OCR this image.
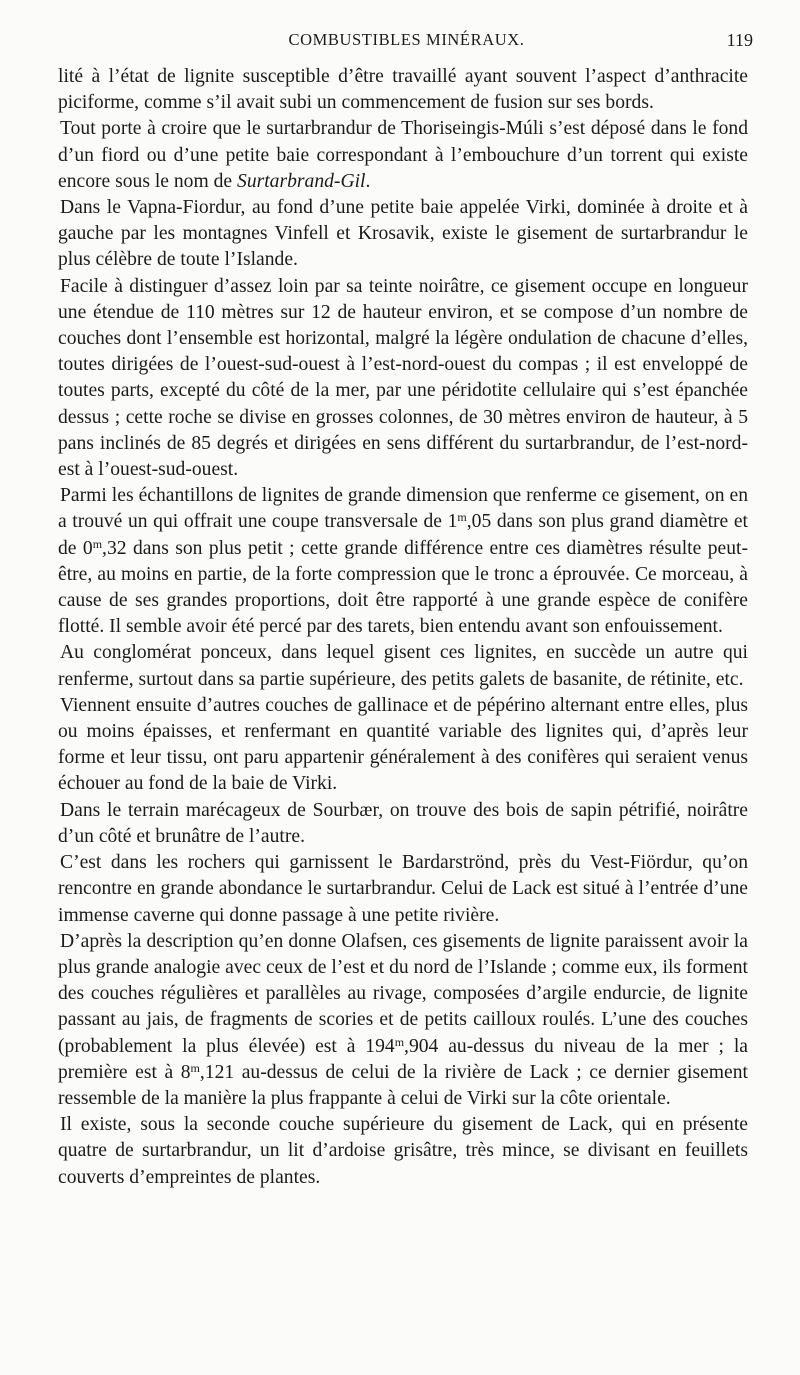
COMBUSTIBLES MINÉRAUX.	119

lité à l’état de lignite susceptible d’être travaillé ayant souvent l’aspect d’anthracite piciforme, comme s’il avait subi un commencement de fusion sur ses bords.

Tout porte à croire que le surtarbrandur de Thoriseingis-Múli s’est déposé dans le fond d’un fiord ou d’une petite baie correspondant à l’embouchure d’un torrent qui existe encore sous le nom de Surtarbrand-Gil.

Dans le Vapna-Fiordur, au fond d’une petite baie appelée Virki, dominée à droite et à gauche par les montagnes Vinfell et Krosavik, existe le gisement de surtarbrandur le plus célèbre de toute l’Islande.

Facile à distinguer d’assez loin par sa teinte noirâtre, ce gisement occupe en longueur une étendue de 110 mètres sur 12 de hauteur environ, et se compose d’un nombre de couches dont l’ensemble est horizontal, malgré la légère ondulation de chacune d’elles, toutes dirigées de l’ouest-sud-ouest à l’est-nord-ouest du compas ; il est enveloppé de toutes parts, excepté du côté de la mer, par une péridotite cellulaire qui s’est épanchée dessus ; cette roche se divise en grosses colonnes, de 30 mètres environ de hauteur, à 5 pans inclinés de 85 degrés et dirigées en sens différent du surtarbrandur, de l’est-nord-est à l’ouest-sud-ouest.

Parmi les échantillons de lignites de grande dimension que renferme ce gisement, on en a trouvé un qui offrait une coupe transversale de 1$^m$,05 dans son plus grand diamètre et de 0$^m$,32 dans son plus petit ; cette grande différence entre ces diamètres résulte peut-être, au moins en partie, de la forte compression que le tronc a éprouvée. Ce morceau, à cause de ses grandes proportions, doit être rapporté à une grande espèce de conifère flotté. Il semble avoir été percé par des tarets, bien entendu avant son enfouissement.

Au conglomérat ponceux, dans lequel gisent ces lignites, en succède un autre qui renferme, surtout dans sa partie supérieure, des petits galets de basanite, de rétinite, etc.

Viennent ensuite d’autres couches de gallinace et de pépérino alternant entre elles, plus ou moins épaisses, et renfermant en quantité variable des lignites qui, d’après leur forme et leur tissu, ont paru appartenir généralement à des conifères qui seraient venus échouer au fond de la baie de Virki.

Dans le terrain marécageux de Sourbær, on trouve des bois de sapin pétrifié, noirâtre d’un côté et brunâtre de l’autre.

C’est dans les rochers qui garnissent le Bardarströnd, près du Vest-Fiördur, qu’on rencontre en grande abondance le surtarbrandur. Celui de Lack est situé à l’entrée d’une immense caverne qui donne passage à une petite rivière.

D’après la description qu’en donne Olafsen, ces gisements de lignite paraissent avoir la plus grande analogie avec ceux de l’est et du nord de l’Islande ; comme eux, ils forment des couches régulières et parallèles au rivage, composées d’argile endurcie, de lignite passant au jais, de fragments de scories et de petits cailloux roulés. L’une des couches (probablement la plus élevée) est à 194$^m$,904 au-dessus du niveau de la mer ; la première est à 8$^m$,121 au-dessus de celui de la rivière de Lack ; ce dernier gisement ressemble de la manière la plus frappante à celui de Virki sur la côte orientale.

Il existe, sous la seconde couche supérieure du gisement de Lack, qui en présente quatre de surtarbrandur, un lit d’ardoise grisâtre, très mince, se divisant en feuillets couverts d’empreintes de plantes.
